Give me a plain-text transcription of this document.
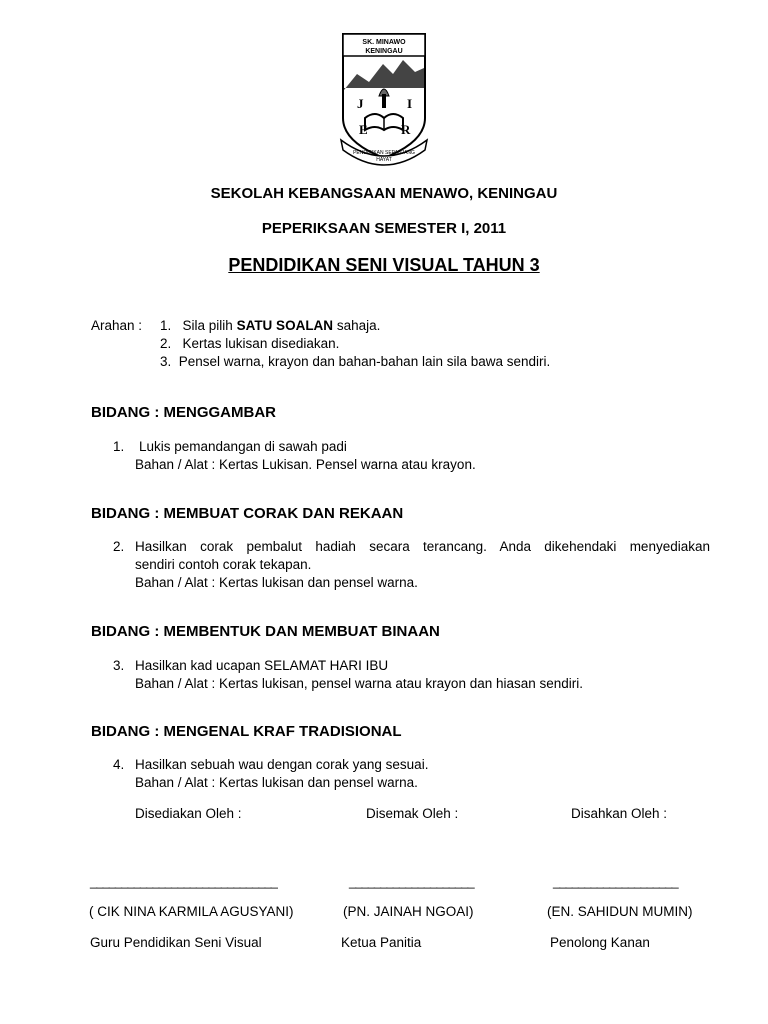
SK. MINAWO
KENINGAU
J	I
E	R
PENDIDIKAN SEPANJANG
HAYAT
SEKOLAH KEBANGSAAN MENAWO, KENINGAU
PEPERIKSAAN SEMESTER I, 2011
PENDIDIKAN SENI VISUAL TAHUN 3
Arahan : 1. Sila pilih SATU SOALAN sahaja.
2. Kertas lukisan disediakan.
3. Pensel warna, krayon dan bahan-bahan lain sila bawa sendiri.
BIDANG : MENGGAMBAR
1. Lukis pemandangan di sawah padi
Bahan / Alat : Kertas Lukisan. Pensel warna atau krayon.
BIDANG : MEMBUAT CORAK DAN REKAAN
2. Hasilkan corak pembalut hadiah secara terancang. Anda dikehendaki menyediakan
sendiri contoh corak tekapan.
Bahan / Alat : Kertas lukisan dan pensel warna.
BIDANG : MEMBENTUK DAN MEMBUAT BINAAN
3. Hasilkan kad ucapan SELAMAT HARI IBU
Bahan / Alat : Kertas lukisan, pensel warna atau krayon dan hiasan sendiri.
BIDANG : MENGENAL KRAF TRADISIONAL
4. Hasilkan sebuah wau dengan corak yang sesuai.
Bahan / Alat : Kertas lukisan dan pensel warna.
Disediakan Oleh :	Disemak Oleh :	Disahkan Oleh :
______________________________	____________________	____________________
( CIK NINA KARMILA AGUSYANI)	(PN. JAINAH NGOAI)	(EN. SAHIDUN MUMIN)
Guru Pendidikan Seni Visual	Ketua Panitia	Penolong Kanan
